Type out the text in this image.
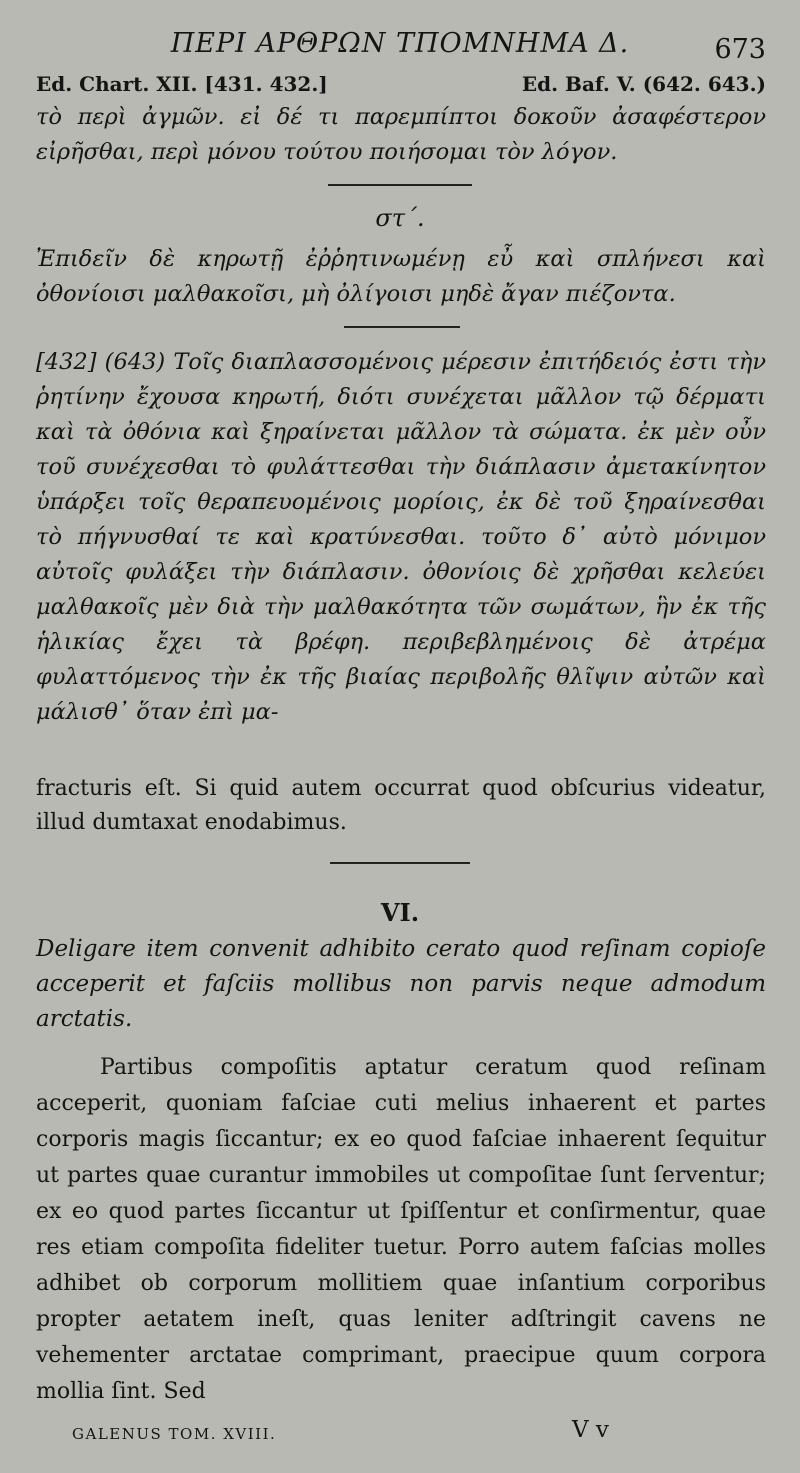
ΠΕΡΙ ΑΡΘΡΩΝ ΤΠΟΜΝΗΜΑ Δ.	673
Ed. Chart. XII. [431. 432.]	Ed. Baf. V. (642. 643.)
τὸ περὶ ἀγμῶν. εἰ δέ τι παρεμπίπτοι δοκοῦν ἀσαφέστερον εἰρῆσθαι, περὶ μόνου τούτου ποιήσομαι τὸν λόγον.
στ΄.
Ἐπιδεῖν δὲ κηρωτῇ ἐῤῥητινωμένῃ εὖ καὶ σπλήνεσι καὶ ὀθονίοισι μαλθακοῖσι, μὴ ὀλίγοισι μηδὲ ἄγαν πιέζοντα.
[432] (643) Τοῖς διαπλασσομένοις μέρεσιν ἐπιτήδειός ἐστι τὴν ῥητίνην ἔχουσα κηρωτή, διότι συνέχεται μᾶλλον τῷ δέρματι καὶ τὰ ὀθόνια καὶ ξηραίνεται μᾶλλον τὰ σώματα. ἐκ μὲν οὖν τοῦ συνέχεσθαι τὸ φυλάττεσθαι τὴν διάπλασιν ἀμετακίνητον ὑπάρξει τοῖς θεραπευομένοις μορίοις, ἐκ δὲ τοῦ ξηραίνεσθαι τὸ πήγνυσθαί τε καὶ κρατύνεσθαι. τοῦτο δ᾽ αὐτὸ μόνιμον αὐτοῖς φυλάξει τὴν διάπλασιν. ὀθονίοις δὲ χρῆσθαι κελεύει μαλθακοῖς μὲν διὰ τὴν μαλθακότητα τῶν σωμάτων, ἣν ἐκ τῆς ἡλικίας ἔχει τὰ βρέφη. περιβεβλημένοις δὲ ἀτρέμα φυλαττόμενος τὴν ἐκ τῆς βιαίας περιβολῆς θλῖψιν αὐτῶν καὶ μάλισθ᾽ ὅταν ἐπὶ μα-
fracturis eſt. Si quid autem occurrat quod obſcurius videatur, illud dumtaxat enodabimus.
VI.
Deligare item convenit adhibito cerato quod reſinam copioſe acceperit et faſciis mollibus non parvis neque admodum arctatis.
Partibus compoſitis aptatur ceratum quod reſinam acceperit, quoniam faſciae cuti melius inhaerent et partes corporis magis ſiccantur; ex eo quod faſciae inhaerent ſequitur ut partes quae curantur immobiles ut compoſitae ſunt ſerventur; ex eo quod partes ſiccantur ut ſpiſſentur et conſirmentur, quae res etiam compoſita fideliter tuetur. Porro autem faſcias molles adhibet ob corporum mollitiem quae inſantium corporibus propter aetatem ineſt, quas leniter adſtringit cavens ne vehementer arctatae comprimant, praecipue quum corpora mollia ſint. Sed
GALENUS TOM. XVIII.	V v
